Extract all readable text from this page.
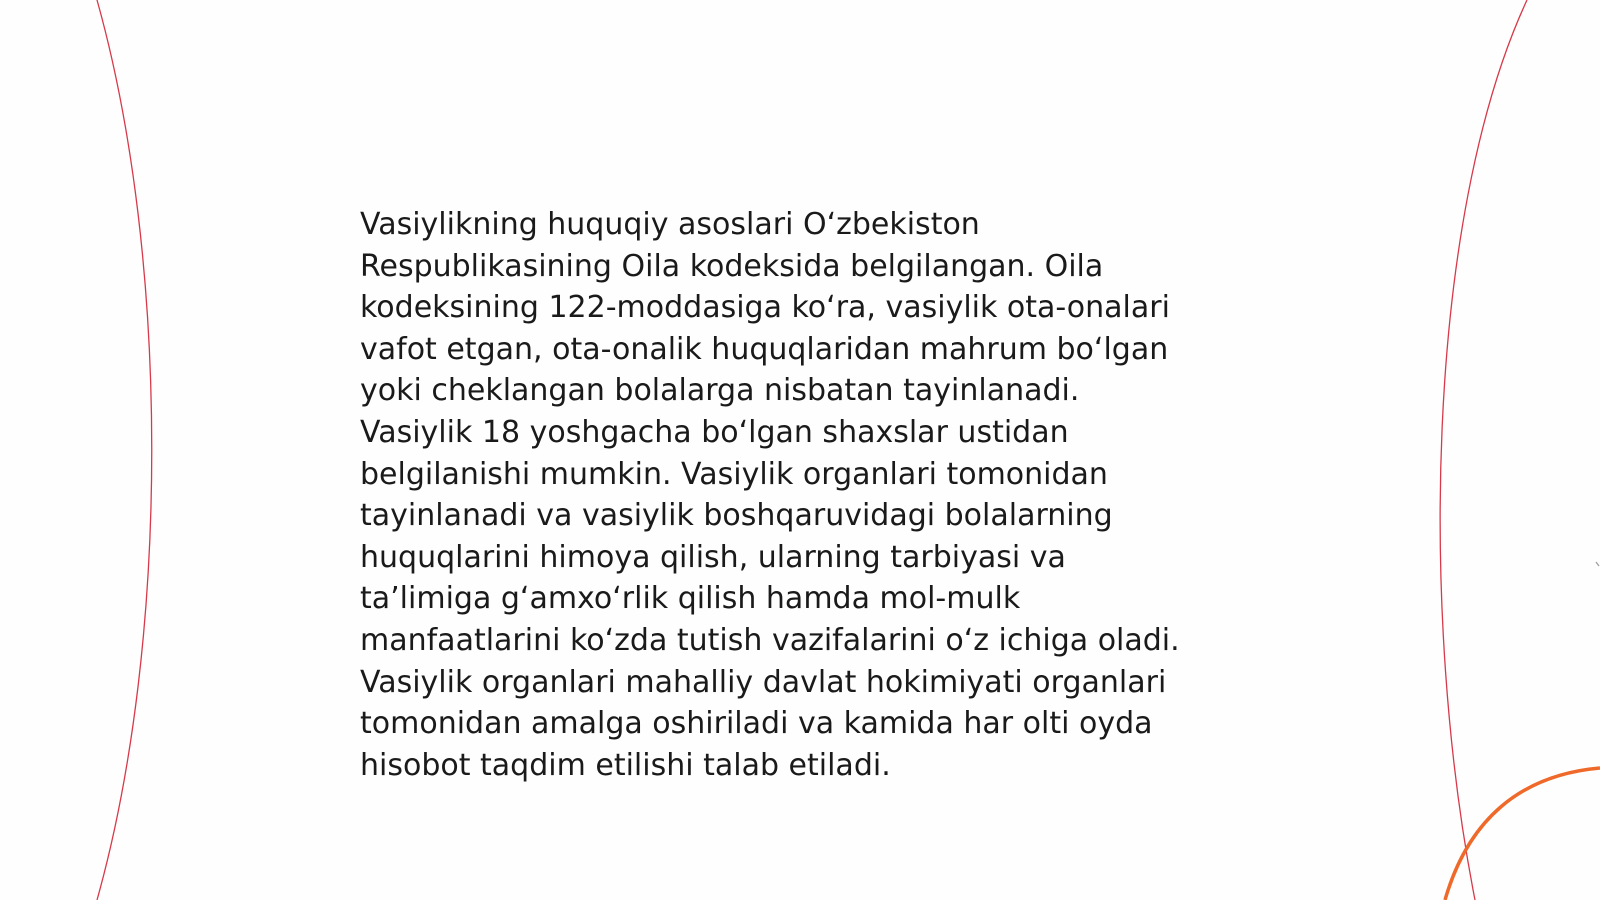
Vasiylikning huquqiy asoslari O‘zbekiston
Respublikasining Oila kodeksida belgilangan. Oila
kodeksining 122-moddasiga ko‘ra, vasiylik ota-onalari
vafot etgan, ota-onalik huquqlaridan mahrum bo‘lgan
yoki cheklangan bolalarga nisbatan tayinlanadi.
Vasiylik 18 yoshgacha bo‘lgan shaxslar ustidan
belgilanishi mumkin. Vasiylik organlari tomonidan
tayinlanadi va vasiylik boshqaruvidagi bolalarning
huquqlarini himoya qilish, ularning tarbiyasi va
ta’limiga g‘amxo‘rlik qilish hamda mol-mulk
manfaatlarini ko‘zda tutish vazifalarini o‘z ichiga oladi.
Vasiylik organlari mahalliy davlat hokimiyati organlari
tomonidan amalga oshiriladi va kamida har olti oyda
hisobot taqdim etilishi talab etiladi.
